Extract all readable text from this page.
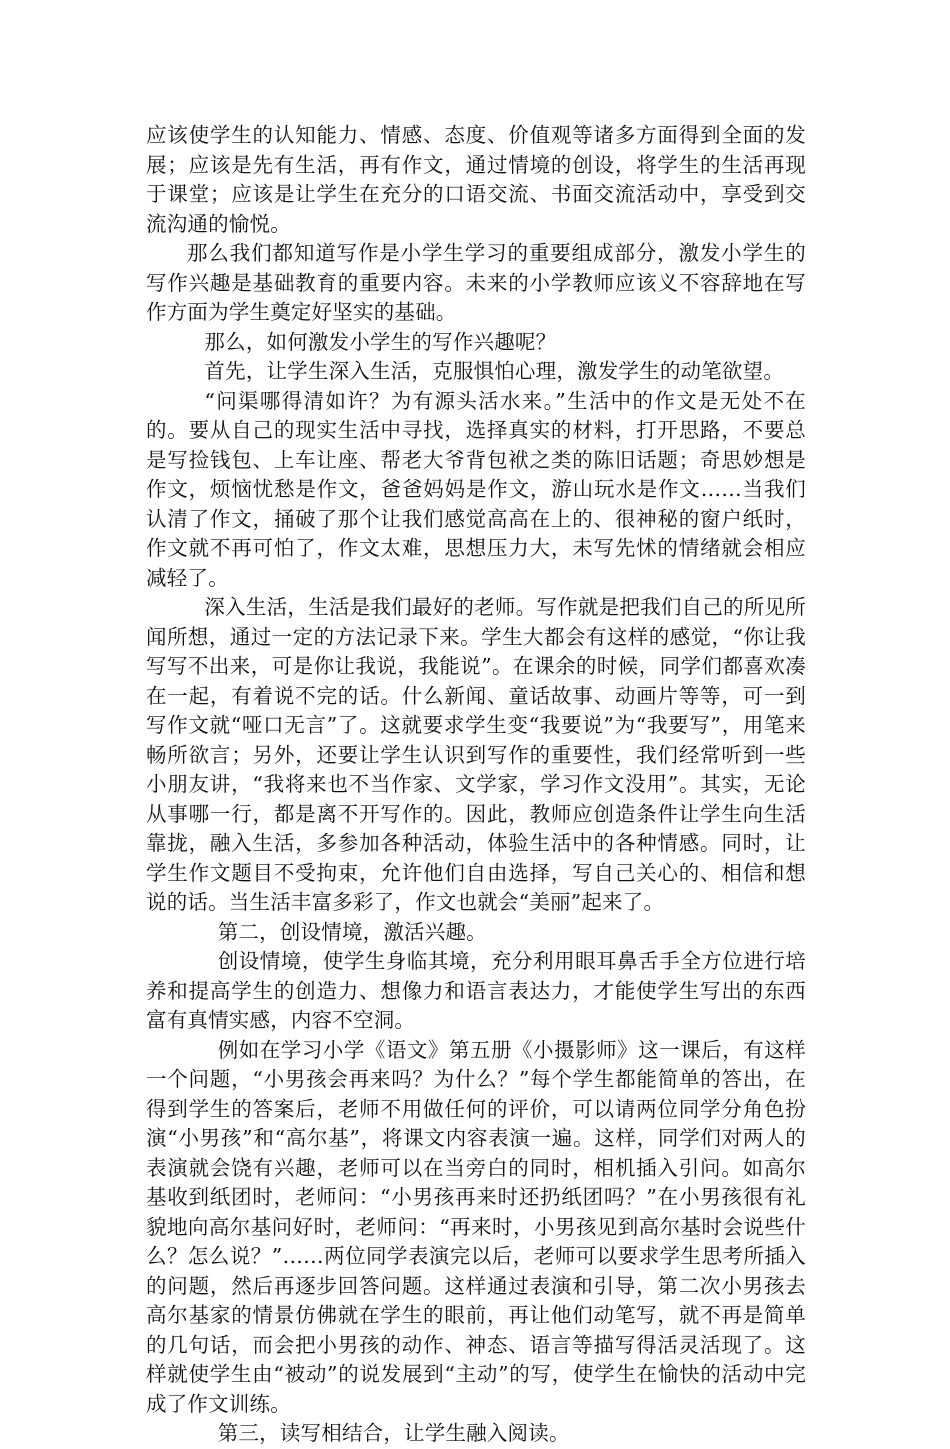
应该使学生的认知能力、情感、态度、价值观等诸多方面得到全面的发展；应该是先有生活，再有作文，通过情境的创设，将学生的生活再现于课堂；应该是让学生在充分的口语交流、书面交流活动中，享受到交流沟通的愉悦。

那么我们都知道写作是小学生学习的重要组成部分，激发小学生的写作兴趣是基础教育的重要内容。未来的小学教师应该义不容辞地在写作方面为学生奠定好坚实的基础。

那么，如何激发小学生的写作兴趣呢？

首先，让学生深入生活，克服惧怕心理，激发学生的动笔欲望。

“问渠哪得清如许？为有源头活水来。”生活中的作文是无处不在的。要从自己的现实生活中寻找，选择真实的材料，打开思路，不要总是写捡钱包、上车让座、帮老大爷背包袱之类的陈旧话题；奇思妙想是作文，烦恼忧愁是作文，爸爸妈妈是作文，游山玩水是作文……当我们认清了作文，捅破了那个让我们感觉高高在上的、很神秘的窗户纸时，作文就不再可怕了，作文太难，思想压力大，未写先怵的情绪就会相应减轻了。

深入生活，生活是我们最好的老师。写作就是把我们自己的所见所闻所想，通过一定的方法记录下来。学生大都会有这样的感觉，“你让我写写不出来，可是你让我说，我能说”。在课余的时候，同学们都喜欢凑在一起，有着说不完的话。什么新闻、童话故事、动画片等等，可一到写作文就“哑口无言”了。这就要求学生变“我要说”为“我要写”，用笔来畅所欲言；另外，还要让学生认识到写作的重要性，我们经常听到一些小朋友讲，“我将来也不当作家、文学家，学习作文没用”。其实，无论从事哪一行，都是离不开写作的。因此，教师应创造条件让学生向生活靠拢，融入生活，多参加各种活动，体验生活中的各种情感。同时，让学生作文题目不受拘束，允许他们自由选择，写自己关心的、相信和想说的话。当生活丰富多彩了，作文也就会“美丽”起来了。

第二，创设情境，激活兴趣。

创设情境，使学生身临其境，充分利用眼耳鼻舌手全方位进行培养和提高学生的创造力、想像力和语言表达力，才能使学生写出的东西富有真情实感，内容不空洞。

例如在学习小学《语文》第五册《小摄影师》这一课后，有这样一个问题，“小男孩会再来吗？为什么？”每个学生都能简单的答出，在得到学生的答案后，老师不用做任何的评价，可以请两位同学分角色扮演“小男孩”和“高尔基”，将课文内容表演一遍。这样，同学们对两人的表演就会饶有兴趣，老师可以在当旁白的同时，相机插入引问。如高尔基收到纸团时，老师问：“小男孩再来时还扔纸团吗？”在小男孩很有礼貌地向高尔基问好时，老师问：“再来时，小男孩见到高尔基时会说些什么？怎么说？”……两位同学表演完以后，老师可以要求学生思考所插入的问题，然后再逐步回答问题。这样通过表演和引导，第二次小男孩去高尔基家的情景仿佛就在学生的眼前，再让他们动笔写，就不再是简单的几句话，而会把小男孩的动作、神态、语言等描写得活灵活现了。这样就使学生由“被动”的说发展到“主动”的写，使学生在愉快的活动中完成了作文训练。

第三，读写相结合，让学生融入阅读。
